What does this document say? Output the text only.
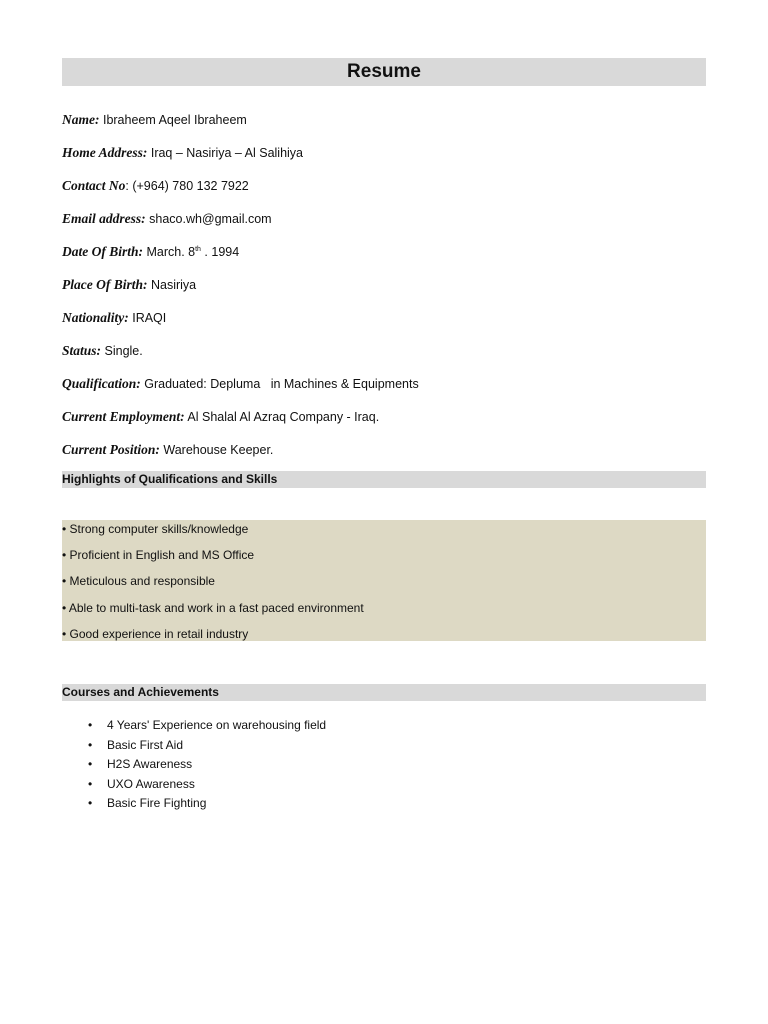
Resume
Name: Ibraheem Aqeel Ibraheem
Home Address: Iraq – Nasiriya – Al Salihiya
Contact No: (+964) 780 132 7922
Email address: shaco.wh@gmail.com
Date Of Birth: March. 8th . 1994
Place Of Birth: Nasiriya
Nationality: IRAQI
Status: Single.
Qualification: Graduated: Depluma   in Machines & Equipments
Current Employment: Al Shalal Al Azraq Company - Iraq.
Current Position: Warehouse Keeper.
Highlights of Qualifications and Skills
• Strong computer skills/knowledge
• Proficient in English and MS Office
• Meticulous and responsible
• Able to multi-task and work in a fast paced environment
• Good experience in retail industry
Courses and Achievements
• 4 Years' Experience on warehousing field
• Basic First Aid
• H2S Awareness
• UXO Awareness
• Basic Fire Fighting
